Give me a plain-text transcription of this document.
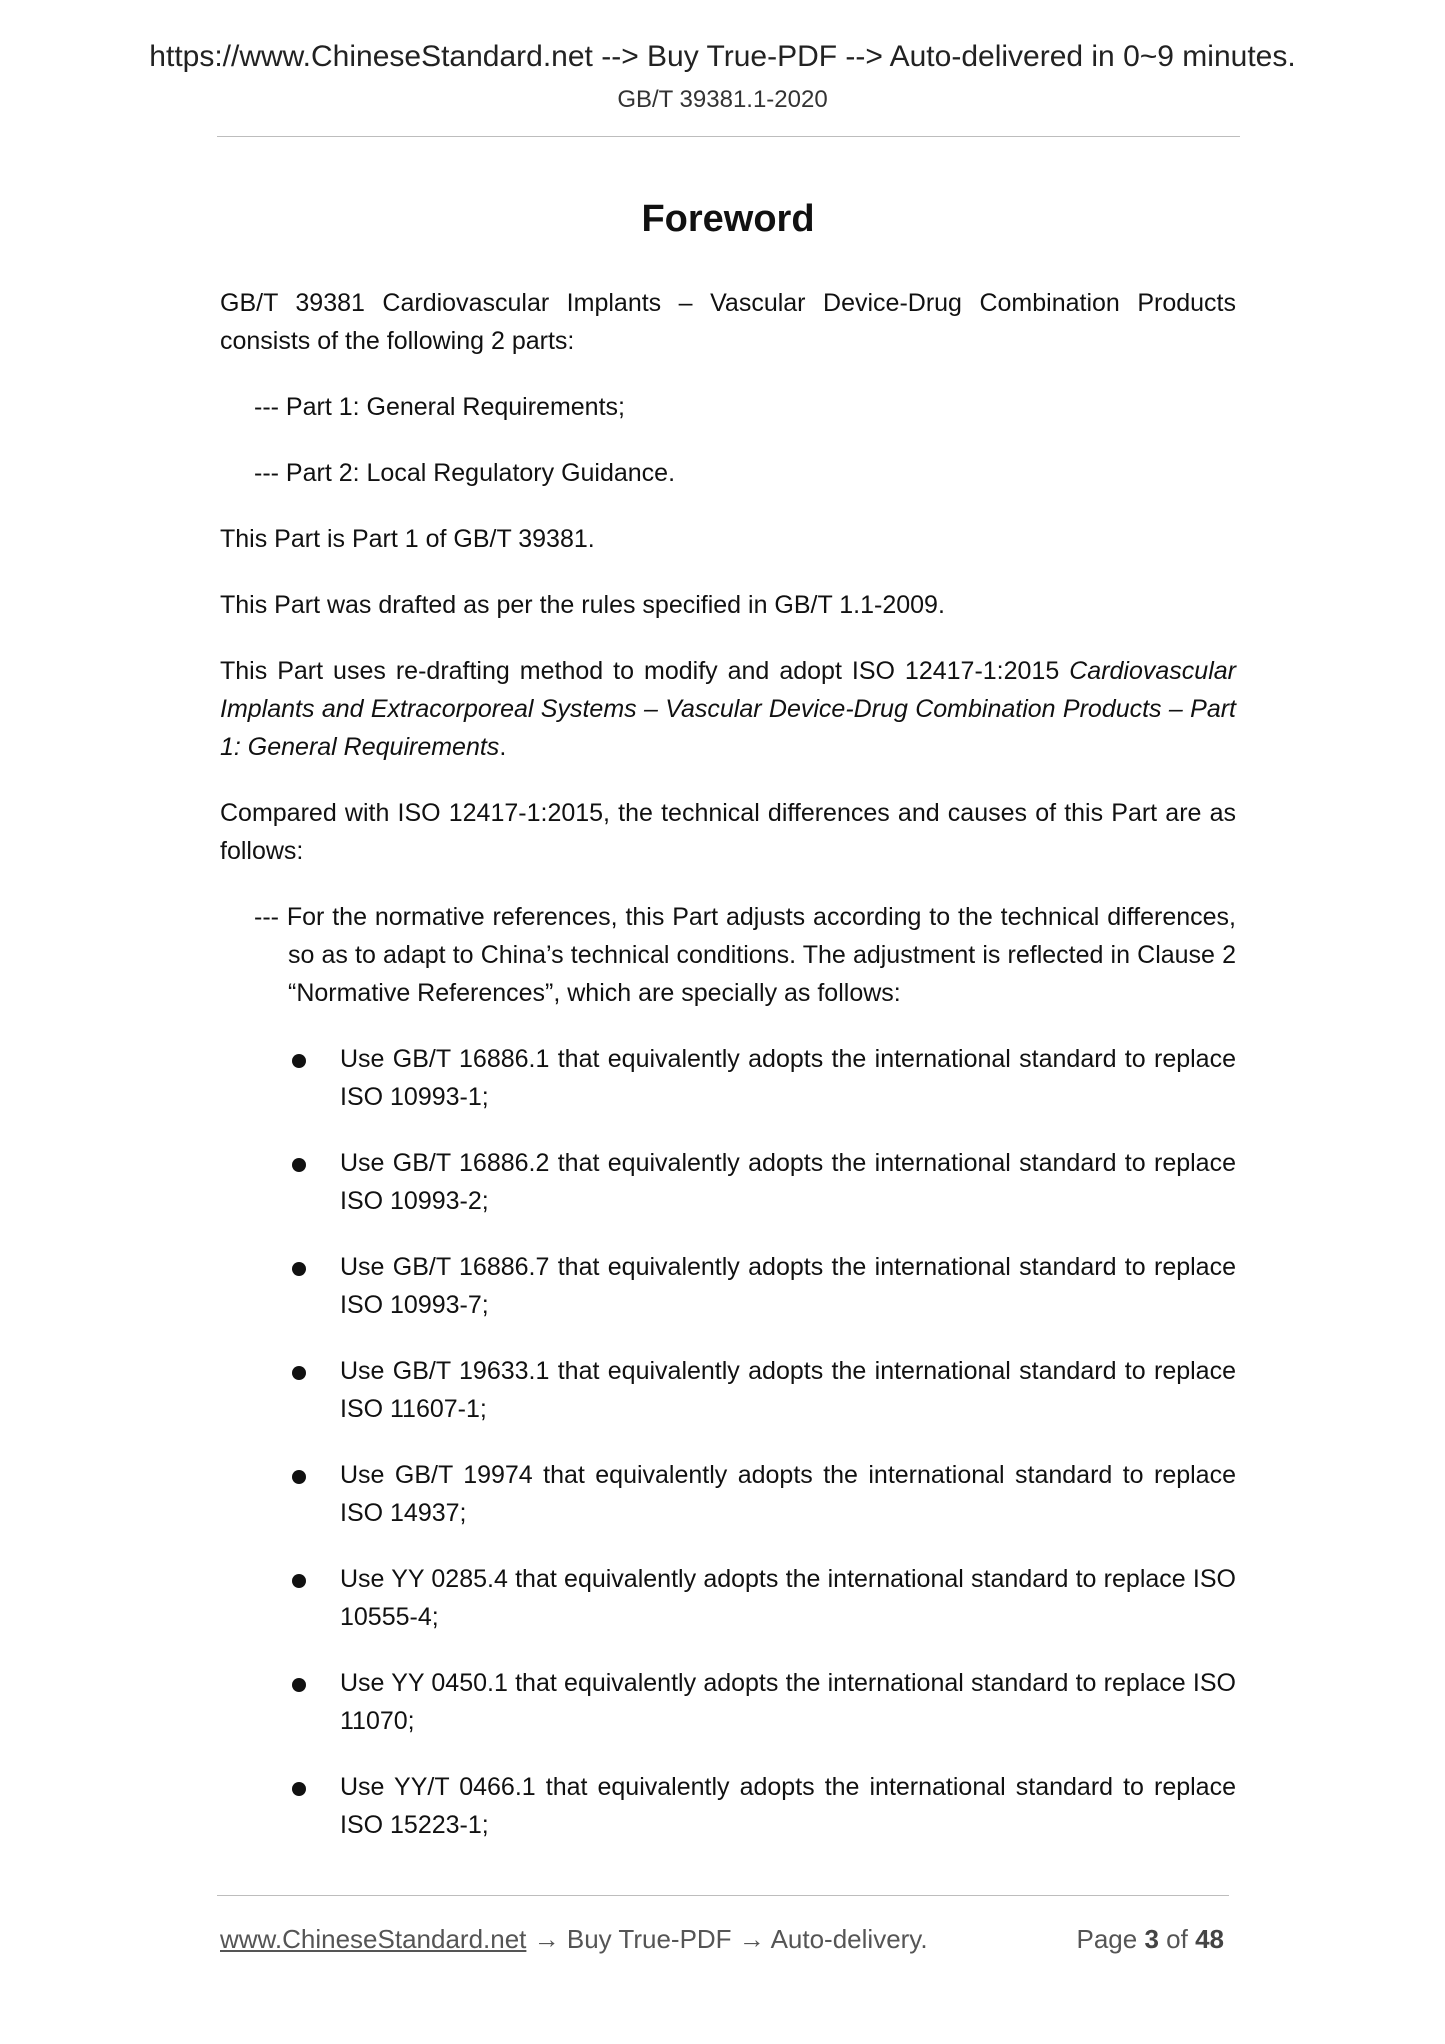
https://www.ChineseStandard.net --> Buy True-PDF --> Auto-delivered in 0~9 minutes.
GB/T 39381.1-2020
Foreword

GB/T 39381 Cardiovascular Implants – Vascular Device-Drug Combination Products consists of the following 2 parts:

--- Part 1: General Requirements;

--- Part 2: Local Regulatory Guidance.

This Part is Part 1 of GB/T 39381.

This Part was drafted as per the rules specified in GB/T 1.1-2009.

This Part uses re-drafting method to modify and adopt ISO 12417-1:2015 Cardiovascular Implants and Extracorporeal Systems – Vascular Device-Drug Combination Products – Part 1: General Requirements.

Compared with ISO 12417-1:2015, the technical differences and causes of this Part are as follows:

--- For the normative references, this Part adjusts according to the technical differences, so as to adapt to China’s technical conditions. The adjustment is reflected in Clause 2 “Normative References”, which are specially as follows:

Use GB/T 16886.1 that equivalently adopts the international standard to replace ISO 10993-1;
Use GB/T 16886.2 that equivalently adopts the international standard to replace ISO 10993-2;
Use GB/T 16886.7 that equivalently adopts the international standard to replace ISO 10993-7;
Use GB/T 19633.1 that equivalently adopts the international standard to replace ISO 11607-1;
Use GB/T 19974 that equivalently adopts the international standard to replace ISO 14937;
Use YY 0285.4 that equivalently adopts the international standard to replace ISO 10555-4;
Use YY 0450.1 that equivalently adopts the international standard to replace ISO 11070;
Use YY/T 0466.1 that equivalently adopts the international standard to replace ISO 15223-1;
www.ChineseStandard.net → Buy True-PDF → Auto-delivery.	Page 3 of 48
